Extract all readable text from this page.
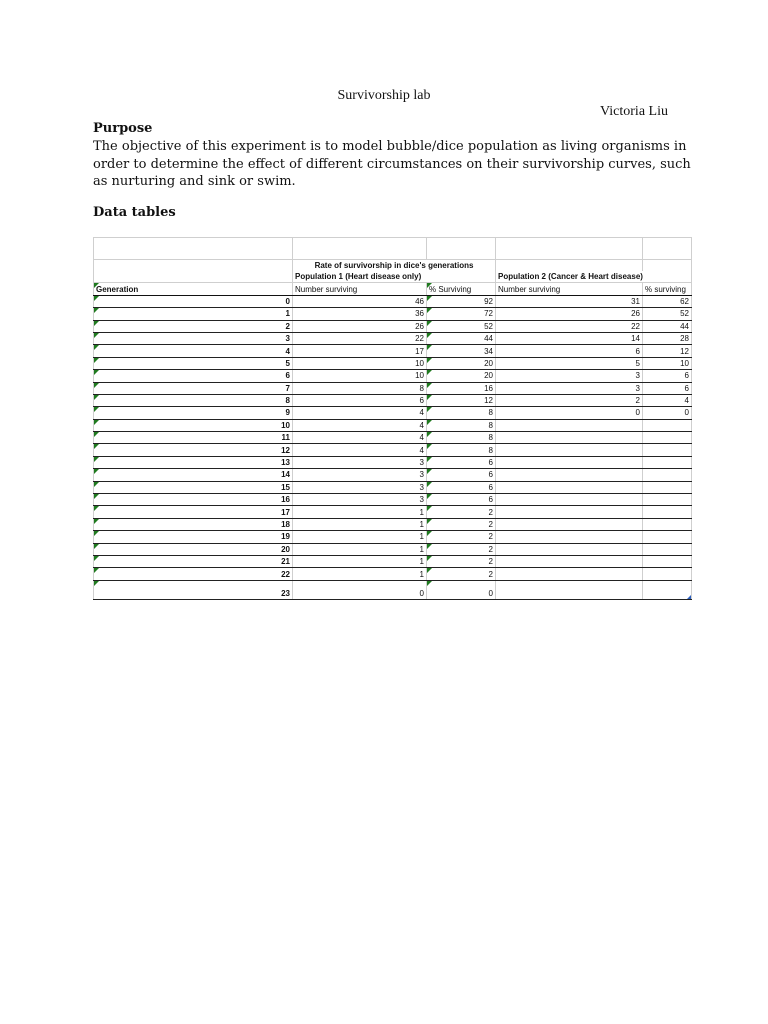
Survivorship lab
Victoria Liu
Purpose
The objective of this experiment is to model bubble/dice population as living organisms in order to determine the effect of different circumstances on their survivorship curves, such as nurturing and sink or swim.
Data tables

	Rate of survivorship in dice's generations			
	Population 1 (Heart disease only)		Population 2 (Cancer & Heart disease)	
Generation	Number surviving	% Surviving	Number surviving	% surviving
0	46	92	31	62
1	36	72	26	52
2	26	52	22	44
3	22	44	14	28
4	17	34	6	12
5	10	20	5	10
6	10	20	3	6
7	8	16	3	6
8	6	12	2	4
9	4	8	0	0
10	4	8		
11	4	8		
12	4	8		
13	3	6		
14	3	6		
15	3	6		
16	3	6		
17	1	2		
18	1	2		
19	1	2		
20	1	2		
21	1	2		
22	1	2		
23	0	0		
